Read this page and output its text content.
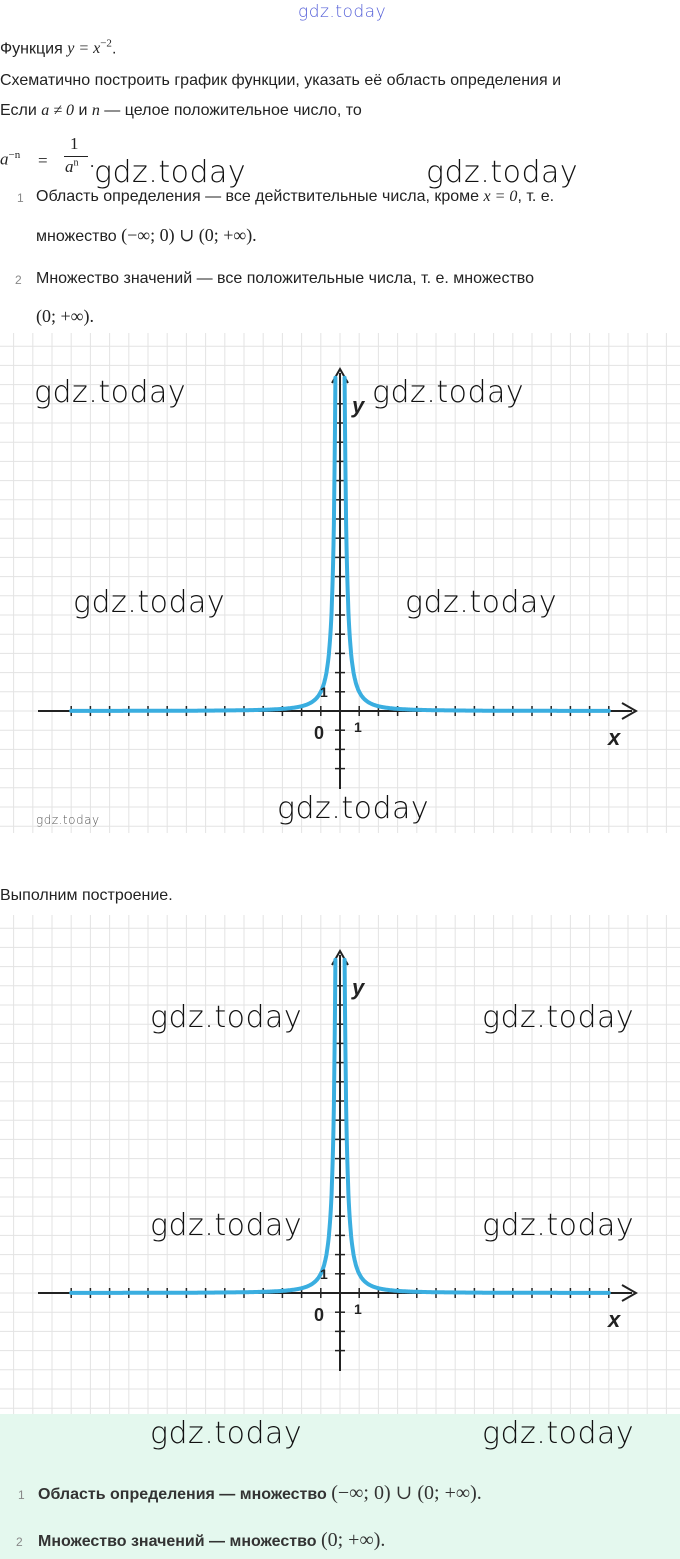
gdz.today
Функция $y = x^{-2}$.
Схематично построить график функции, указать её область определения и
Если a ≠ 0 и n — целое положительное число, то
$a^{-n}$ =
1
$a^n$ . gdz.today	gdz.today
1 Область определения — все действительные числа, кроме x = 0, т. е.
множество (−∞; 0) ∪ (0; +∞).
2 Множество значений — все положительные числа, т. е. множество
(0; +∞).
y
x
0 1
1
gdz.today	gdz.today
gdz.today	gdz.today
gdz.today
gdz.today
Выполним построение.
y
x
0 1
1
gdz.today	gdz.today
gdz.today	gdz.today
gdz.today	gdz.today
1 Область определения — множество (−∞; 0) ∪ (0; +∞).
2 Множество значений — множество (0; +∞).
